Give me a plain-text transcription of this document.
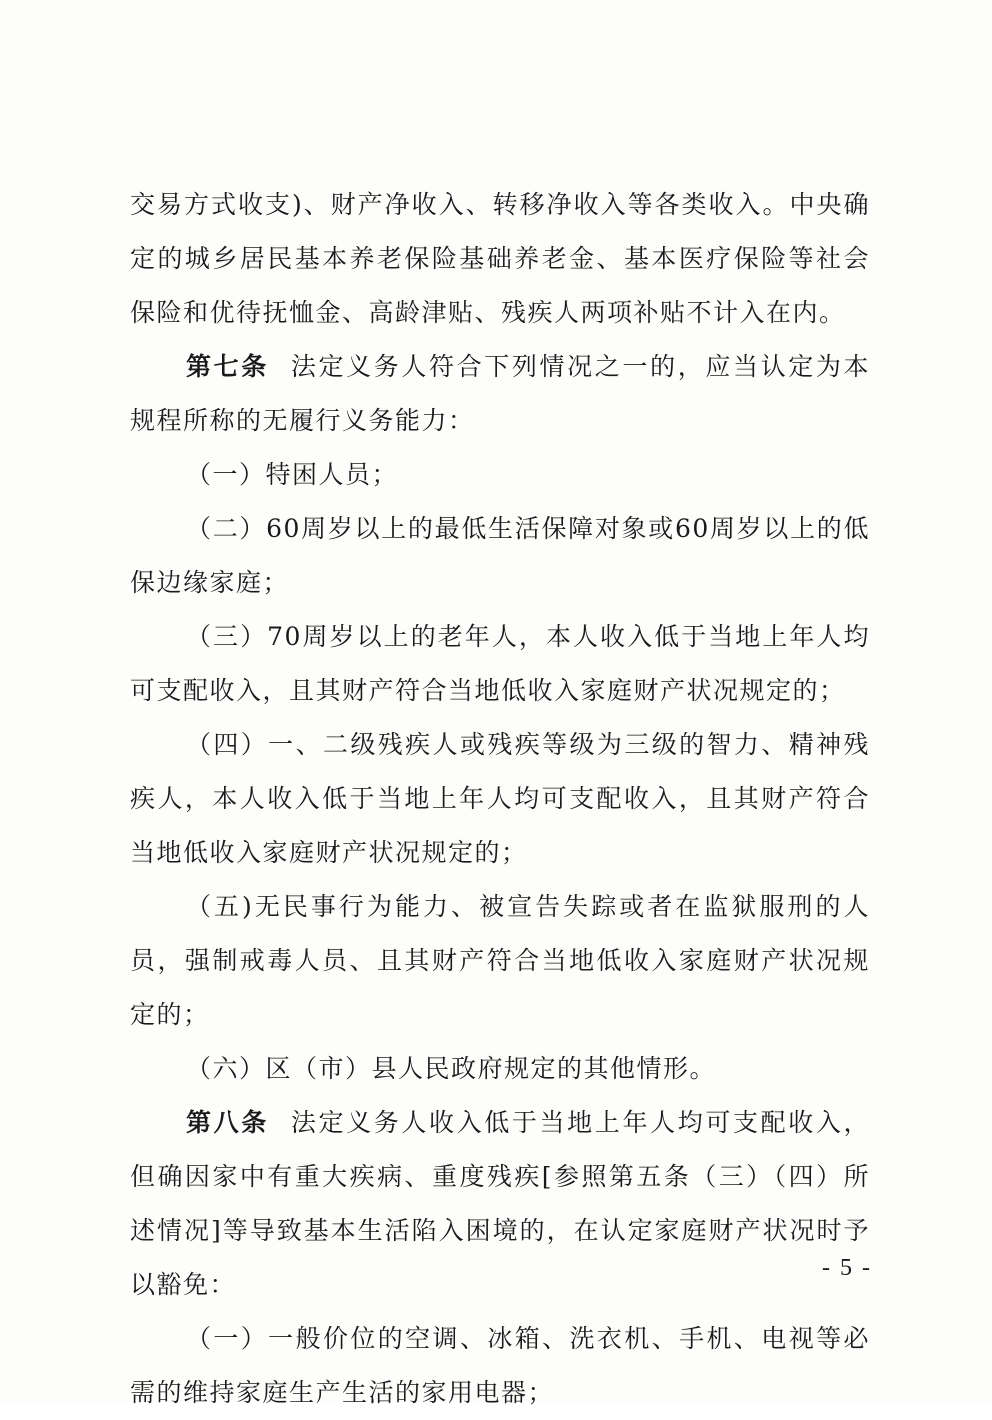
交易方式收支)、财产净收入、转移净收入等各类收入。中央确定的城乡居民基本养老保险基础养老金、基本医疗保险等社会保险和优待抚恤金、高龄津贴、残疾人两项补贴不计入在内。

第七条 法定义务人符合下列情况之一的，应当认定为本规程所称的无履行义务能力：

（一）特困人员；

（二）60周岁以上的最低生活保障对象或60周岁以上的低保边缘家庭；

（三）70周岁以上的老年人，本人收入低于当地上年人均可支配收入，且其财产符合当地低收入家庭财产状况规定的；

（四）一、二级残疾人或残疾等级为三级的智力、精神残疾人，本人收入低于当地上年人均可支配收入，且其财产符合当地低收入家庭财产状况规定的；

（五)无民事行为能力、被宣告失踪或者在监狱服刑的人员，强制戒毒人员、且其财产符合当地低收入家庭财产状况规定的；

（六）区（市）县人民政府规定的其他情形。

第八条 法定义务人收入低于当地上年人均可支配收入，但确因家中有重大疾病、重度残疾[参照第五条（三）（四）所述情况]等导致基本生活陷入困境的，在认定家庭财产状况时予以豁免：

（一）一般价位的空调、冰箱、洗衣机、手机、电视等必需的维持家庭生产生活的家用电器；

- 5 -
